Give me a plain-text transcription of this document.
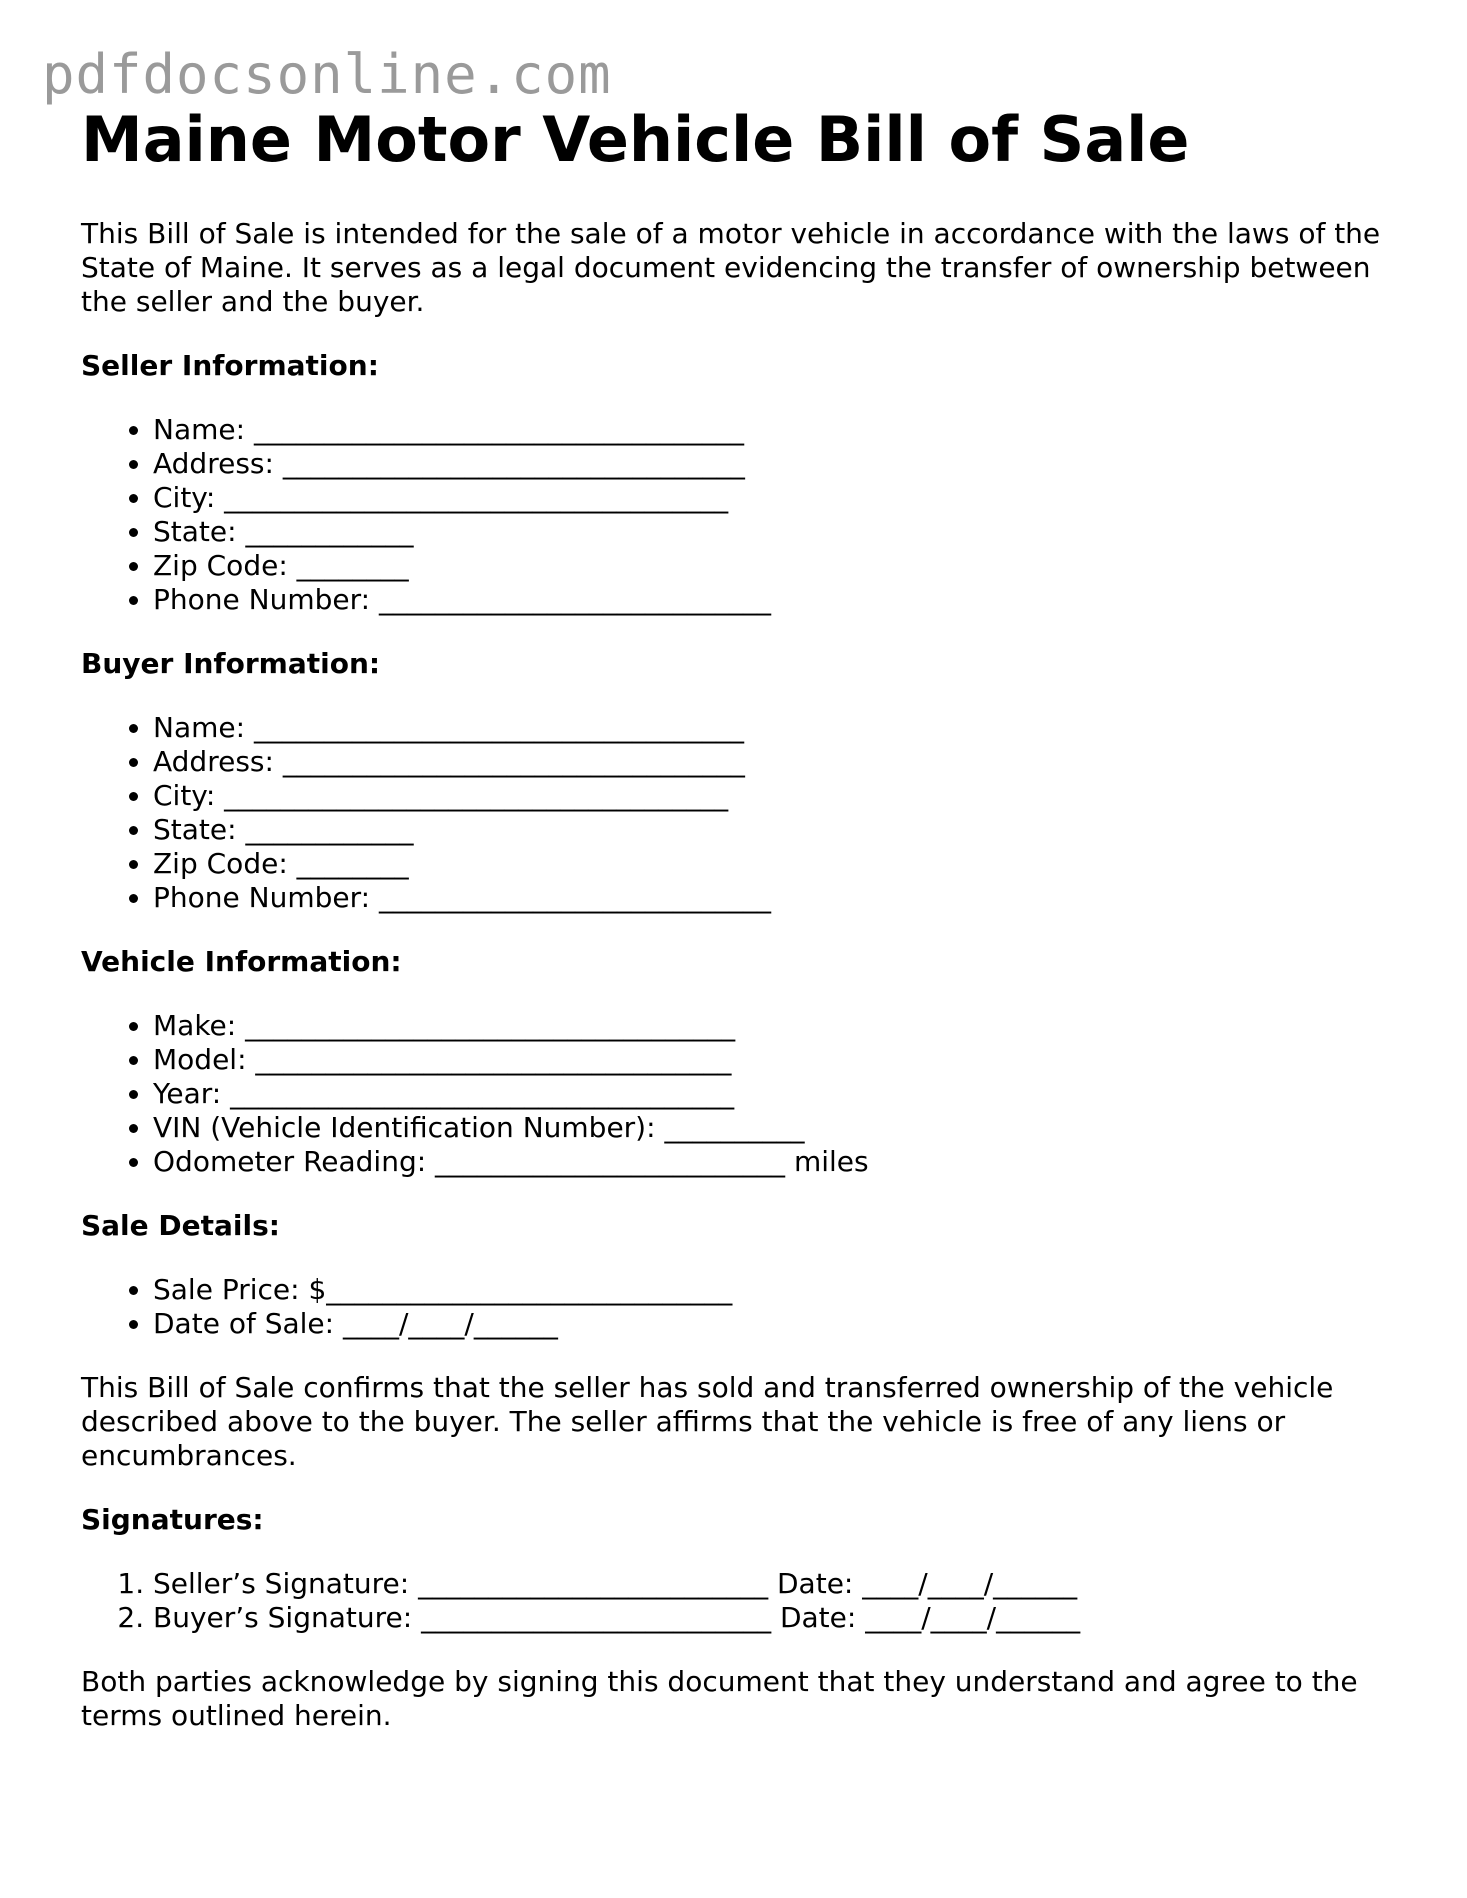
pdfdocsonline.com
Maine Motor Vehicle Bill of Sale

This Bill of Sale is intended for the sale of a motor vehicle in accordance with the laws of the State of Maine. It serves as a legal document evidencing the transfer of ownership between the seller and the buyer.

Seller Information:
• Name: ___________________________________
• Address: _________________________________
• City: ____________________________________
• State: ____________
• Zip Code: ________
• Phone Number: ____________________________
Buyer Information:
• Name: ___________________________________
• Address: _________________________________
• City: ____________________________________
• State: ____________
• Zip Code: ________
• Phone Number: ____________________________
Vehicle Information:
• Make: ___________________________________
• Model: __________________________________
• Year: ____________________________________
• VIN (Vehicle Identification Number): __________
• Odometer Reading: _________________________ miles
Sale Details:
• Sale Price: $_____________________________
• Date of Sale: ____/____/______

This Bill of Sale confirms that the seller has sold and transferred ownership of the vehicle described above to the buyer. The seller affirms that the vehicle is free of any liens or encumbrances.

Signatures:
1. Seller’s Signature: _________________________ Date: ____/____/______
2. Buyer’s Signature: _________________________ Date: ____/____/______

Both parties acknowledge by signing this document that they understand and agree to the terms outlined herein.
